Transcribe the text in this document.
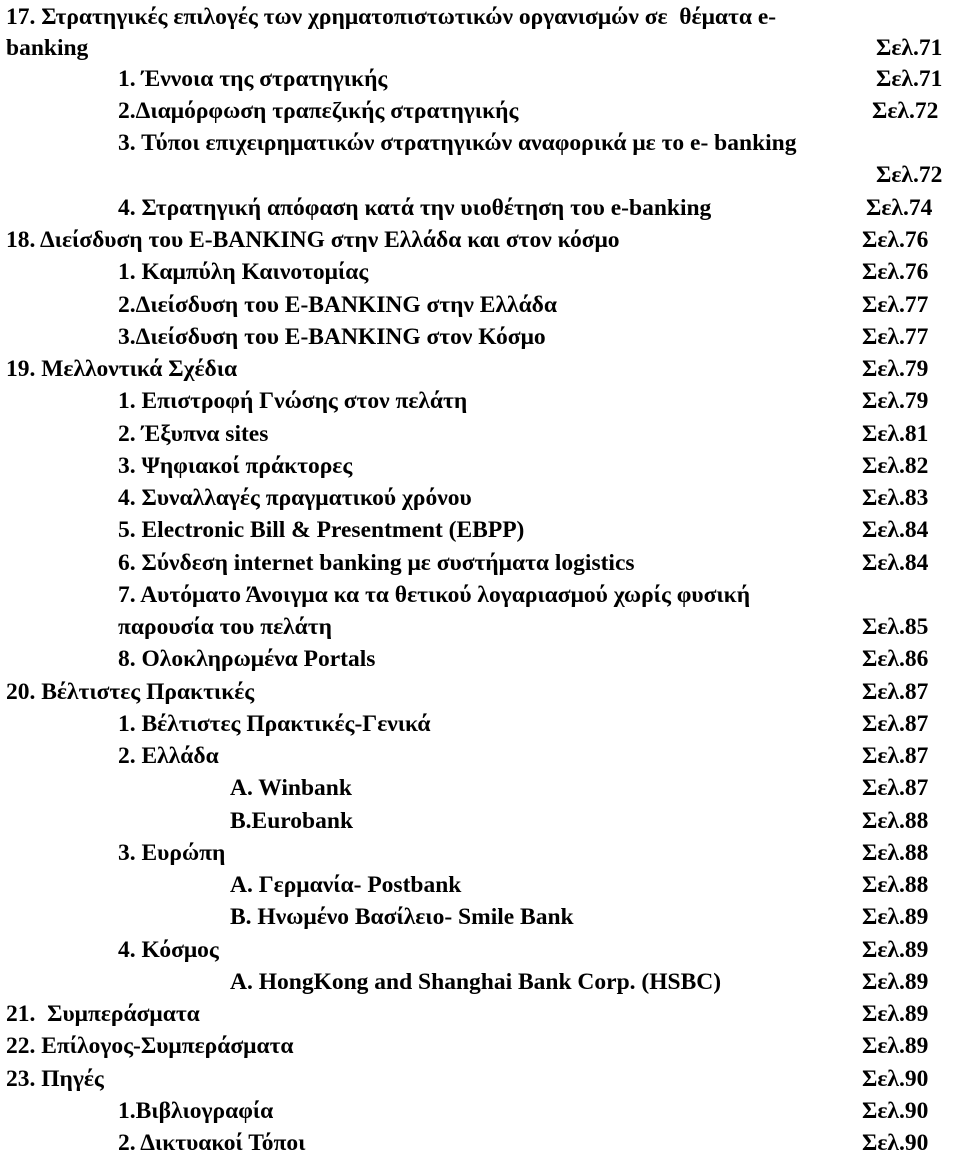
17. Στρατηγικές επιλογές των χρηματοπιστωτικών οργανισμών σε  θέματα e-
banking	Σελ.71
1. Έννοια της στρατηγικής	Σελ.71
2.Διαμόρφωση τραπεζικής στρατηγικής	Σελ.72
3. Τύποι επιχειρηματικών στρατηγικών αναφορικά με το e- banking
Σελ.72
4. Στρατηγική απόφαση κατά την υιοθέτηση του e-banking	Σελ.74
18. Διείσδυση του E-BANKING στην Ελλάδα και στον κόσμο	Σελ.76
1. Καμπύλη Καινοτομίας	Σελ.76
2.Διείσδυση του E-BANKING στην Ελλάδα	Σελ.77
3.Διείσδυση του E-BANKING στον Κόσμο	Σελ.77
19. Μελλοντικά Σχέδια	Σελ.79
1. Επιστροφή Γνώσης στον πελάτη	Σελ.79
2. Έξυπνα sites	Σελ.81
3. Ψηφιακοί πράκτορες	Σελ.82
4. Συναλλαγές πραγματικού χρόνου	Σελ.83
5. Electronic Bill & Presentment (EBPP)	Σελ.84
6. Σύνδεση internet banking με συστήματα logistics	Σελ.84
7. Αυτόματο Άνοιγμα κα τα θετικού λογαριασμού χωρίς φυσική
παρουσία του πελάτη	Σελ.85
8. Ολοκληρωμένα Portals	Σελ.86
20. Βέλτιστες Πρακτικές	Σελ.87
1. Βέλτιστες Πρακτικές-Γενικά	Σελ.87
2. Ελλάδα	Σελ.87
A. Winbank	Σελ.87
B.Eurobank	Σελ.88
3. Ευρώπη	Σελ.88
A. Γερμανία- Postbank	Σελ.88
B. Ηνωμένο Βασίλειο- Smile Bank	Σελ.89
4. Κόσμος	Σελ.89
A. HongKong and Shanghai Bank Corp. (HSBC)	Σελ.89
21.  Συμπεράσματα	Σελ.89
22. Επίλογος-Συμπεράσματα	Σελ.89
23. Πηγές	Σελ.90
1.Βιβλιογραφία	Σελ.90
2. Δικτυακοί Τόποι	Σελ.90
